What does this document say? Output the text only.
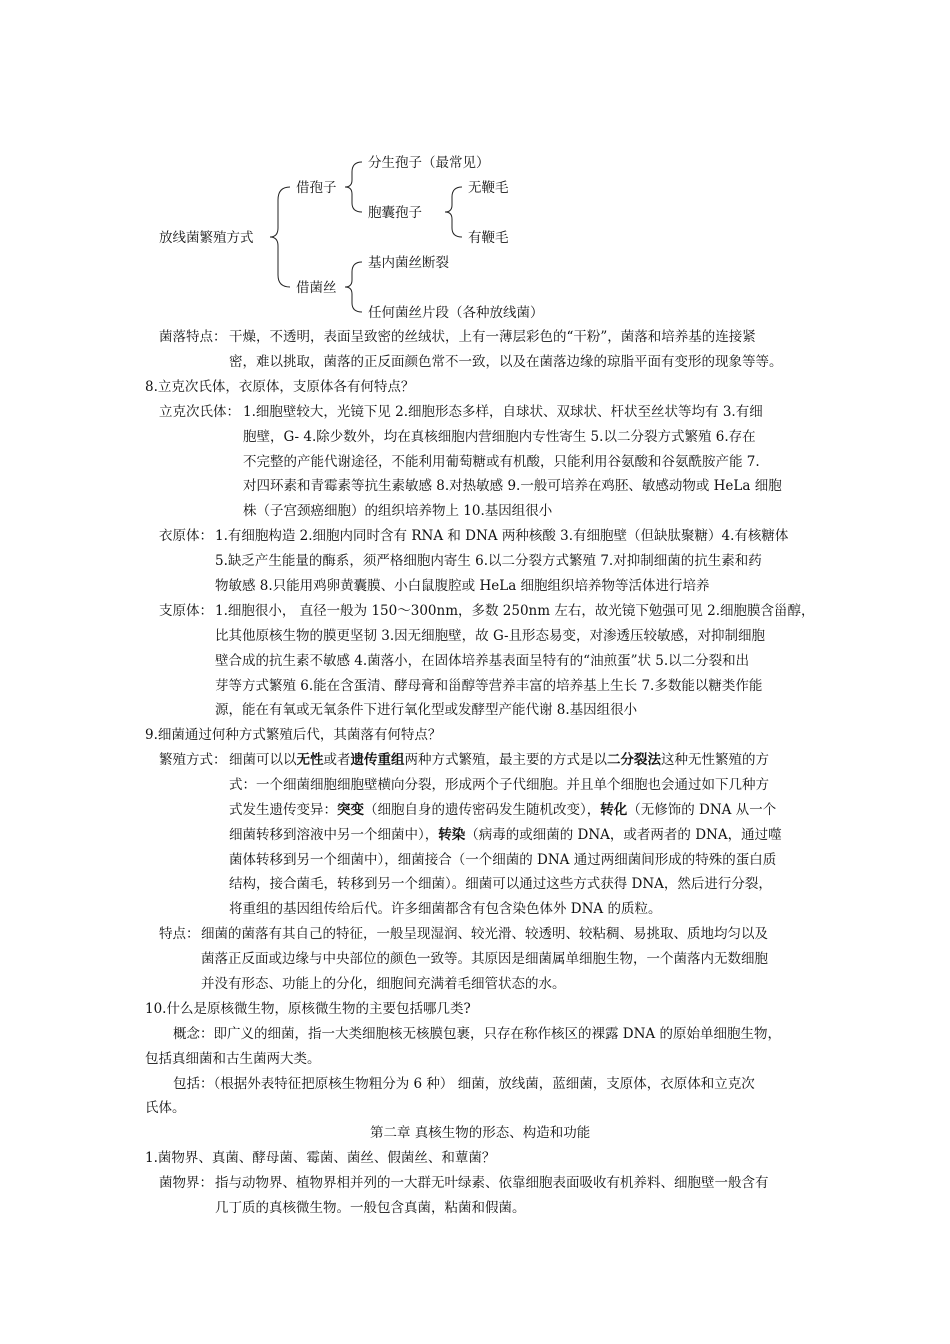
放线菌繁殖方式
借孢子
分生孢子（最常见）
胞囊孢子
无鞭毛
有鞭毛
借菌丝
基内菌丝断裂
任何菌丝片段（各种放线菌）
菌落特点： 干燥，不透明，表面呈致密的丝绒状，上有一薄层彩色的“干粉”，菌落和培养基的连接紧
密，难以挑取，菌落的正反面颜色常不一致，以及在菌落边缘的琼脂平面有变形的现象等等。
8.立克次氏体，衣原体，支原体各有何特点？
立克次氏体： 1.细胞壁较大，光镜下见 2.细胞形态多样，自球状、双球状、杆状至丝状等均有 3.有细
胞壁，G- 4.除少数外，均在真核细胞内营细胞内专性寄生 5.以二分裂方式繁殖 6.存在
不完整的产能代谢途径，不能利用葡萄糖或有机酸，只能利用谷氨酸和谷氨酰胺产能 7.
对四环素和青霉素等抗生素敏感 8.对热敏感 9.一般可培养在鸡胚、敏感动物或 HeLa 细胞
株（子宫颈癌细胞）的组织培养物上 10.基因组很小
衣原体： 1.有细胞构造 2.细胞内同时含有 RNA 和 DNA 两种核酸 3.有细胞壁（但缺肽聚糖）4.有核糖体
5.缺乏产生能量的酶系，须严格细胞内寄生 6.以二分裂方式繁殖 7.对抑制细菌的抗生素和药
物敏感 8.只能用鸡卵黄囊膜、小白鼠腹腔或 HeLa 细胞组织培养物等活体进行培养
支原体： 1.细胞很小， 直径一般为 150～300nm，多数 250nm 左右，故光镜下勉强可见 2.细胞膜含甾醇，
比其他原核生物的膜更坚韧 3.因无细胞壁，故 G-且形态易变，对渗透压较敏感，对抑制细胞
壁合成的抗生素不敏感 4.菌落小，在固体培养基表面呈特有的“油煎蛋”状 5.以二分裂和出
芽等方式繁殖 6.能在含蛋清、酵母膏和甾醇等营养丰富的培养基上生长 7.多数能以糖类作能
源，能在有氧或无氧条件下进行氧化型或发酵型产能代谢 8.基因组很小
9.细菌通过何种方式繁殖后代，其菌落有何特点？
繁殖方式： 细菌可以以无性或者遗传重组两种方式繁殖，最主要的方式是以二分裂法这种无性繁殖的方
式：一个细菌细胞细胞壁横向分裂，形成两个子代细胞。并且单个细胞也会通过如下几种方
式发生遗传变异：突变（细胞自身的遗传密码发生随机改变），转化（无修饰的 DNA 从一个
细菌转移到溶液中另一个细菌中），转染（病毒的或细菌的 DNA，或者两者的 DNA，通过噬
菌体转移到另一个细菌中），细菌接合（一个细菌的 DNA 通过两细菌间形成的特殊的蛋白质
结构，接合菌毛，转移到另一个细菌）。细菌可以通过这些方式获得 DNA，然后进行分裂，
将重组的基因组传给后代。许多细菌都含有包含染色体外 DNA 的质粒。
特点： 细菌的菌落有其自己的特征，一般呈现湿润、较光滑、较透明、较粘稠、易挑取、质地均匀以及
菌落正反面或边缘与中央部位的颜色一致等。其原因是细菌属单细胞生物，一个菌落内无数细胞
并没有形态、功能上的分化，细胞间充满着毛细管状态的水。
10.什么是原核微生物，原核微生物的主要包括哪几类?
概念：即广义的细菌，指一大类细胞核无核膜包裹，只存在称作核区的裸露 DNA 的原始单细胞生物，
包括真细菌和古生菌两大类。
包括：（根据外表特征把原核生物粗分为 6 种） 细菌，放线菌，蓝细菌，支原体，衣原体和立克次
氏体。
第二章 真核生物的形态、构造和功能
1.菌物界、真菌、酵母菌、霉菌、菌丝、假菌丝、和蕈菌？
菌物界： 指与动物界、植物界相并列的一大群无叶绿素、依靠细胞表面吸收有机养料、细胞壁一般含有
几丁质的真核微生物。一般包含真菌，粘菌和假菌。
